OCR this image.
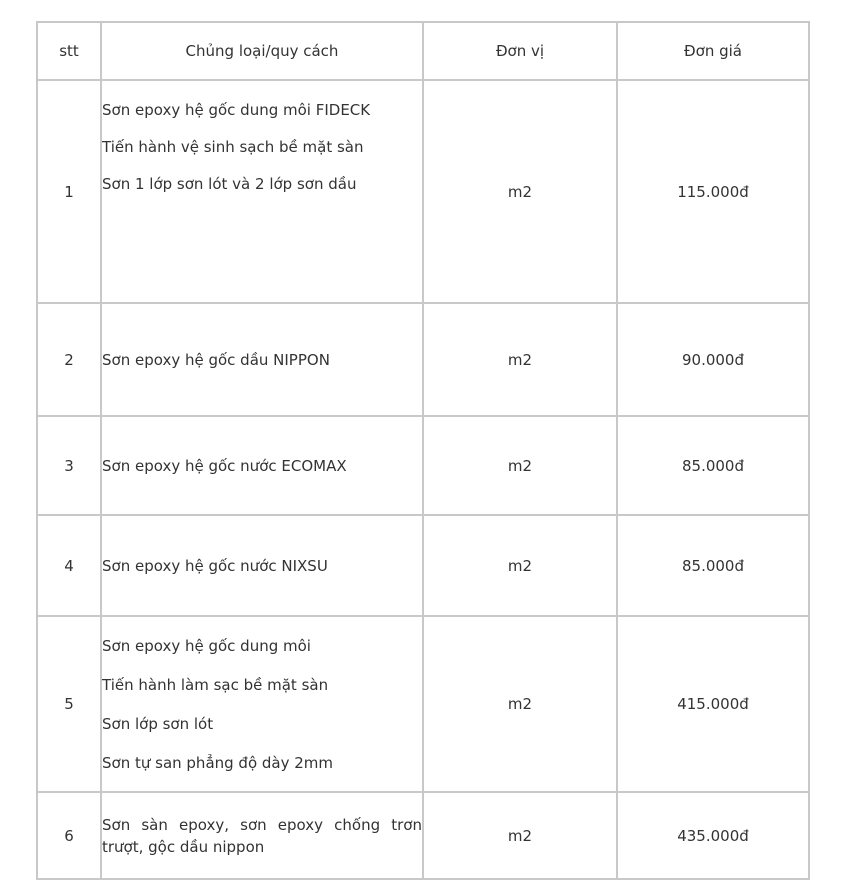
stt	Chủng loại/quy cách	Đơn vị	Đơn giá
1	Sơn epoxy hệ gốc dung môi FIDECK
Tiến hành vệ sinh sạch bề mặt sàn
Sơn 1 lớp sơn lót và 2 lớp sơn dầu	m2	115.000đ
2	Sơn epoxy hệ gốc dầu NIPPON	m2	90.000đ
3	Sơn epoxy hệ gốc nước ECOMAX	m2	85.000đ
4	Sơn epoxy hệ gốc nước NIXSU	m2	85.000đ
5	Sơn epoxy hệ gốc dung môi
Tiến hành làm sạc bề mặt sàn
Sơn lớp sơn lót
Sơn tự san phẳng độ dày 2mm	m2	415.000đ
6	Sơn sàn epoxy, sơn epoxy chống trơn trượt, gộc dầu nippon	m2	435.000đ
